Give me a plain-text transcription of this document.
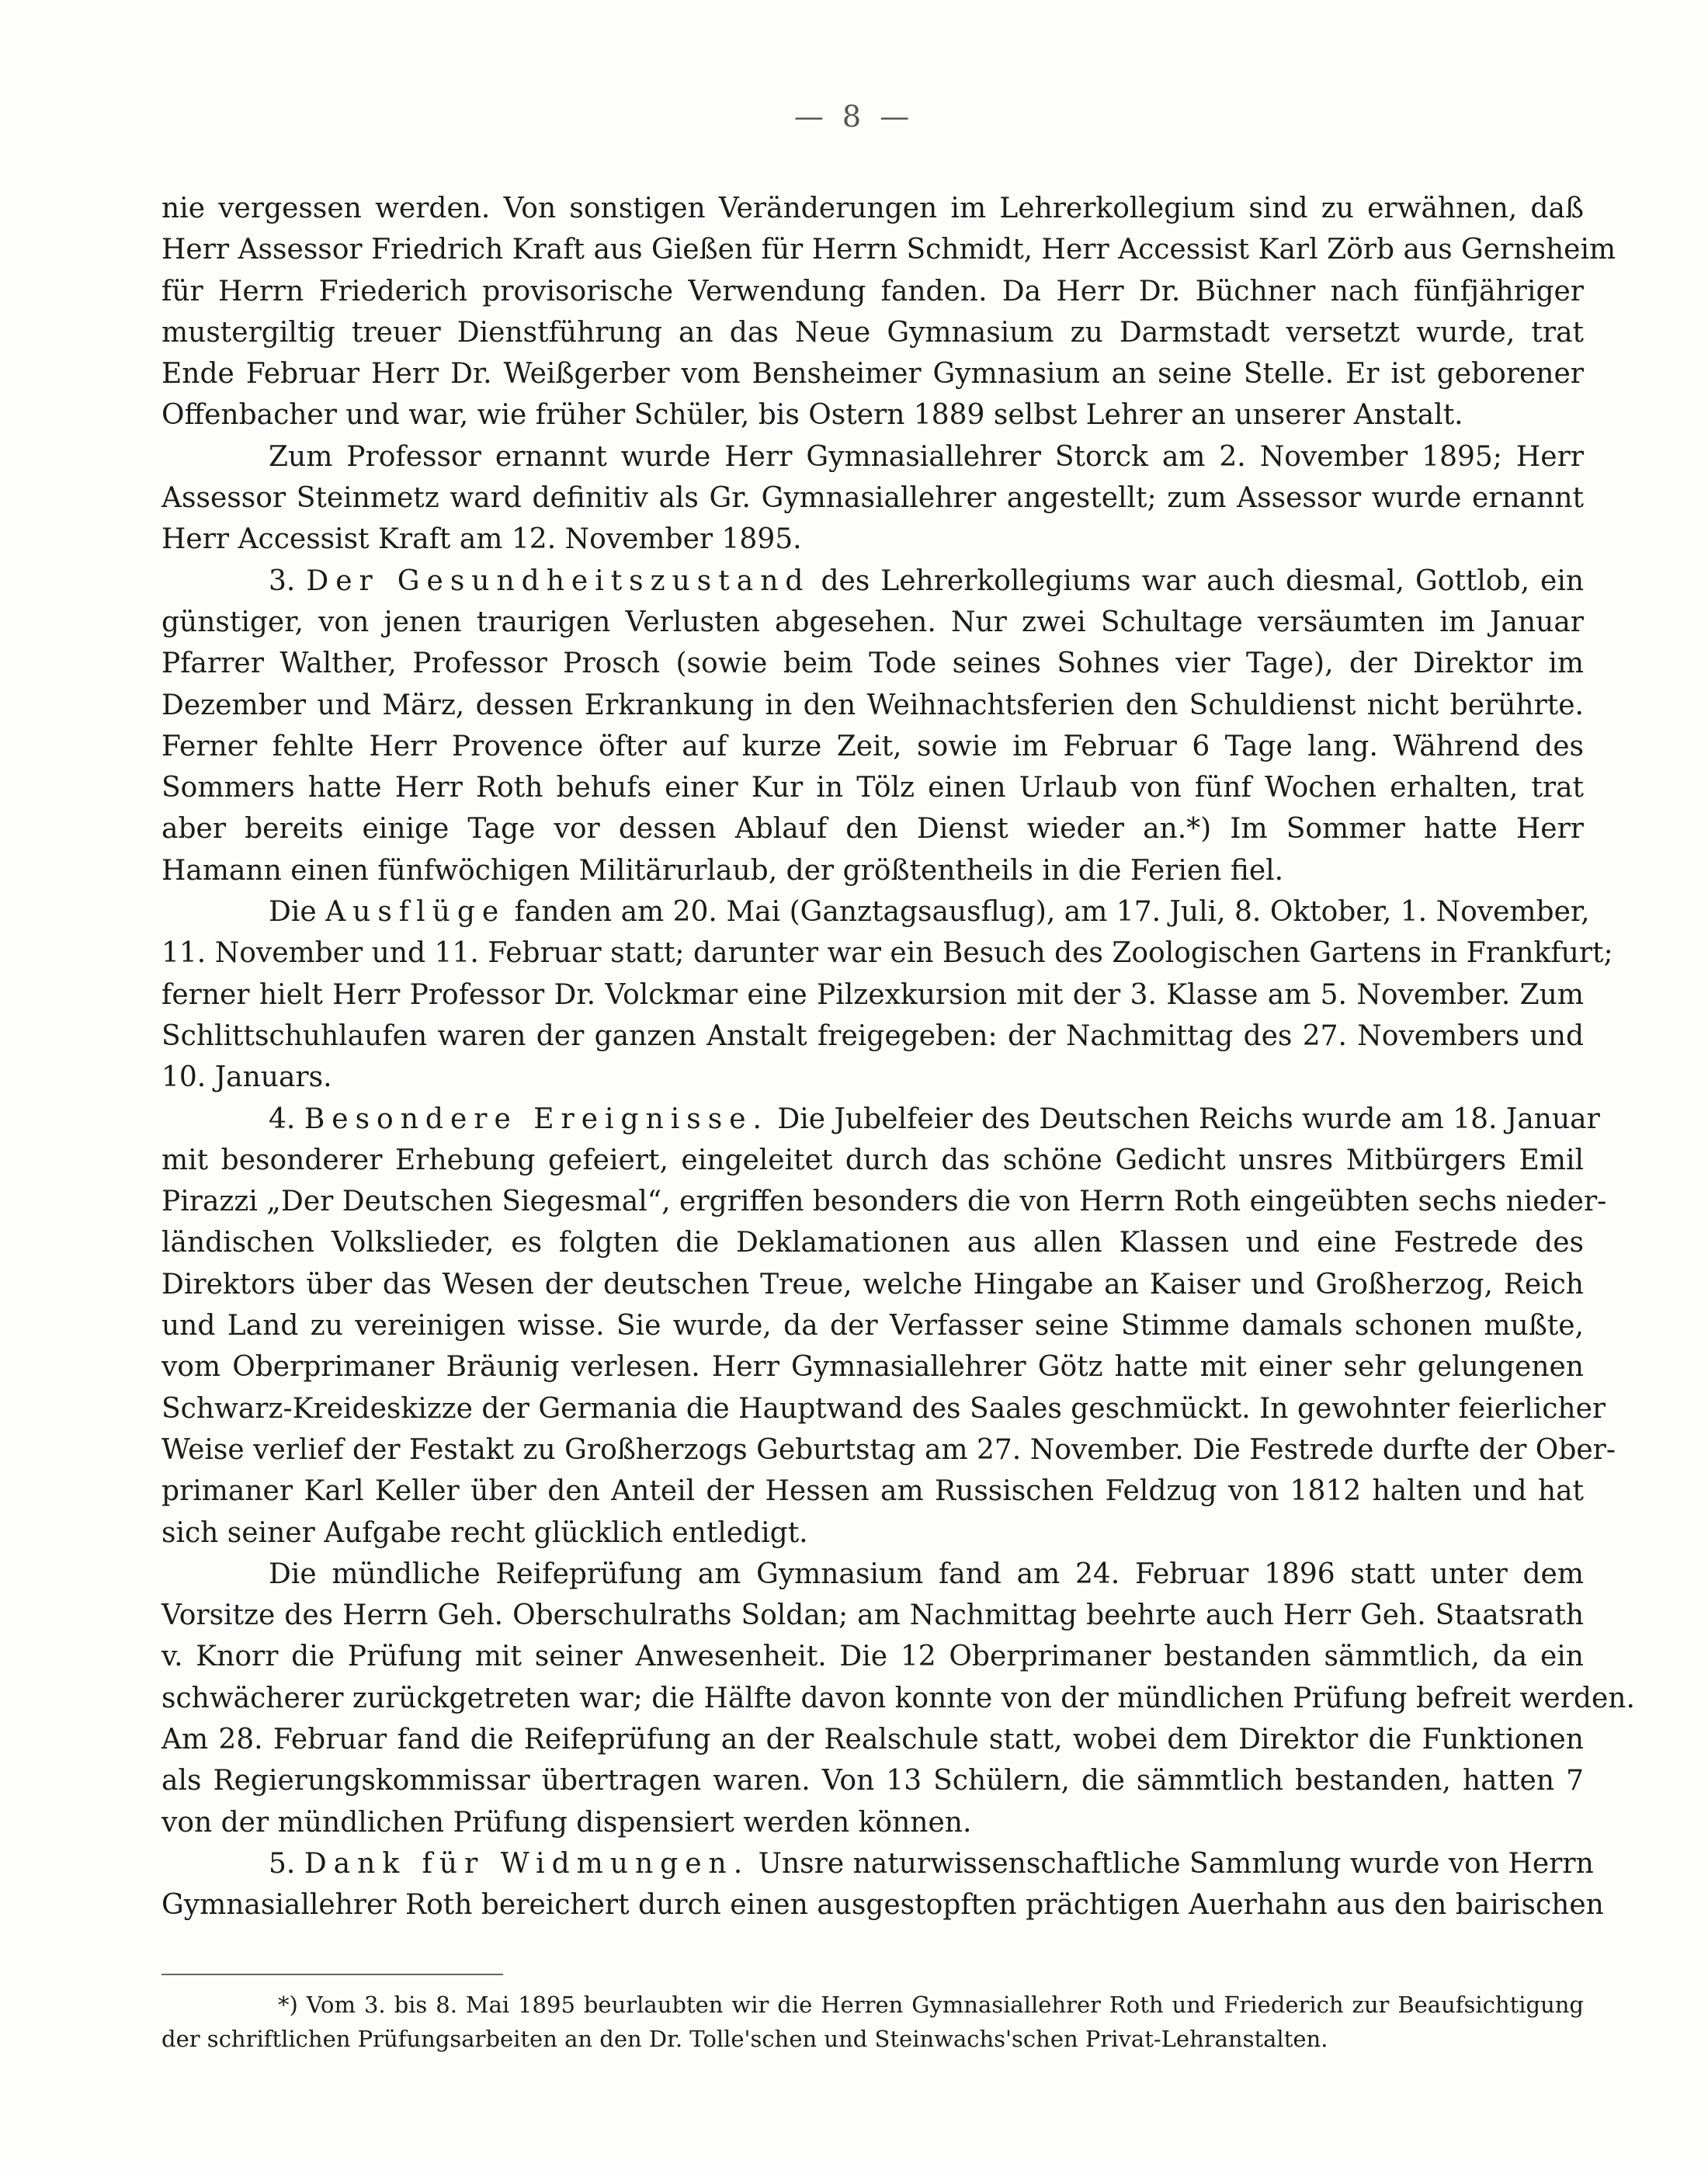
— 8 —
nie vergessen werden. Von sonstigen Veränderungen im Lehrerkollegium sind zu erwähnen, daß
Herr Assessor Friedrich Kraft aus Gießen für Herrn Schmidt, Herr Accessist Karl Zörb aus Gernsheim
für Herrn Friederich provisorische Verwendung fanden. Da Herr Dr. Büchner nach fünfjähriger
mustergiltig treuer Dienstführung an das Neue Gymnasium zu Darmstadt versetzt wurde, trat
Ende Februar Herr Dr. Weißgerber vom Bensheimer Gymnasium an seine Stelle. Er ist geborener
Offenbacher und war, wie früher Schüler, bis Ostern 1889 selbst Lehrer an unserer Anstalt.
Zum Professor ernannt wurde Herr Gymnasiallehrer Storck am 2. November 1895; Herr
Assessor Steinmetz ward definitiv als Gr. Gymnasiallehrer angestellt; zum Assessor wurde ernannt
Herr Accessist Kraft am 12. November 1895.
3. Der Gesundheitszustand des Lehrerkollegiums war auch diesmal, Gottlob, ein
günstiger, von jenen traurigen Verlusten abgesehen. Nur zwei Schultage versäumten im Januar
Pfarrer Walther, Professor Prosch (sowie beim Tode seines Sohnes vier Tage), der Direktor im
Dezember und März, dessen Erkrankung in den Weihnachtsferien den Schuldienst nicht berührte.
Ferner fehlte Herr Provence öfter auf kurze Zeit, sowie im Februar 6 Tage lang. Während des
Sommers hatte Herr Roth behufs einer Kur in Tölz einen Urlaub von fünf Wochen erhalten, trat
aber bereits einige Tage vor dessen Ablauf den Dienst wieder an.*) Im Sommer hatte Herr
Hamann einen fünfwöchigen Militärurlaub, der größtentheils in die Ferien fiel.
Die Ausflüge fanden am 20. Mai (Ganztagsausflug), am 17. Juli, 8. Oktober, 1. November,
11. November und 11. Februar statt; darunter war ein Besuch des Zoologischen Gartens in Frankfurt;
ferner hielt Herr Professor Dr. Volckmar eine Pilzexkursion mit der 3. Klasse am 5. November. Zum
Schlittschuhlaufen waren der ganzen Anstalt freigegeben: der Nachmittag des 27. Novembers und
10. Januars.
4. Besondere Ereignisse. Die Jubelfeier des Deutschen Reichs wurde am 18. Januar
mit besonderer Erhebung gefeiert, eingeleitet durch das schöne Gedicht unsres Mitbürgers Emil
Pirazzi „Der Deutschen Siegesmal“, ergriffen besonders die von Herrn Roth eingeübten sechs nieder-
ländischen Volkslieder, es folgten die Deklamationen aus allen Klassen und eine Festrede des
Direktors über das Wesen der deutschen Treue, welche Hingabe an Kaiser und Großherzog, Reich
und Land zu vereinigen wisse. Sie wurde, da der Verfasser seine Stimme damals schonen mußte,
vom Oberprimaner Bräunig verlesen. Herr Gymnasiallehrer Götz hatte mit einer sehr gelungenen
Schwarz-Kreideskizze der Germania die Hauptwand des Saales geschmückt. In gewohnter feierlicher
Weise verlief der Festakt zu Großherzogs Geburtstag am 27. November. Die Festrede durfte der Ober-
primaner Karl Keller über den Anteil der Hessen am Russischen Feldzug von 1812 halten und hat
sich seiner Aufgabe recht glücklich entledigt.
Die mündliche Reifeprüfung am Gymnasium fand am 24. Februar 1896 statt unter dem
Vorsitze des Herrn Geh. Oberschulraths Soldan; am Nachmittag beehrte auch Herr Geh. Staatsrath
v. Knorr die Prüfung mit seiner Anwesenheit. Die 12 Oberprimaner bestanden sämmtlich, da ein
schwächerer zurückgetreten war; die Hälfte davon konnte von der mündlichen Prüfung befreit werden.
Am 28. Februar fand die Reifeprüfung an der Realschule statt, wobei dem Direktor die Funktionen
als Regierungskommissar übertragen waren. Von 13 Schülern, die sämmtlich bestanden, hatten 7
von der mündlichen Prüfung dispensiert werden können.
5. Dank für Widmungen. Unsre naturwissenschaftliche Sammlung wurde von Herrn
Gymnasiallehrer Roth bereichert durch einen ausgestopften prächtigen Auerhahn aus den bairischen
*) Vom 3. bis 8. Mai 1895 beurlaubten wir die Herren Gymnasiallehrer Roth und Friederich zur Beaufsichtigung
der schriftlichen Prüfungsarbeiten an den Dr. Tolle'schen und Steinwachs'schen Privat-Lehranstalten.
